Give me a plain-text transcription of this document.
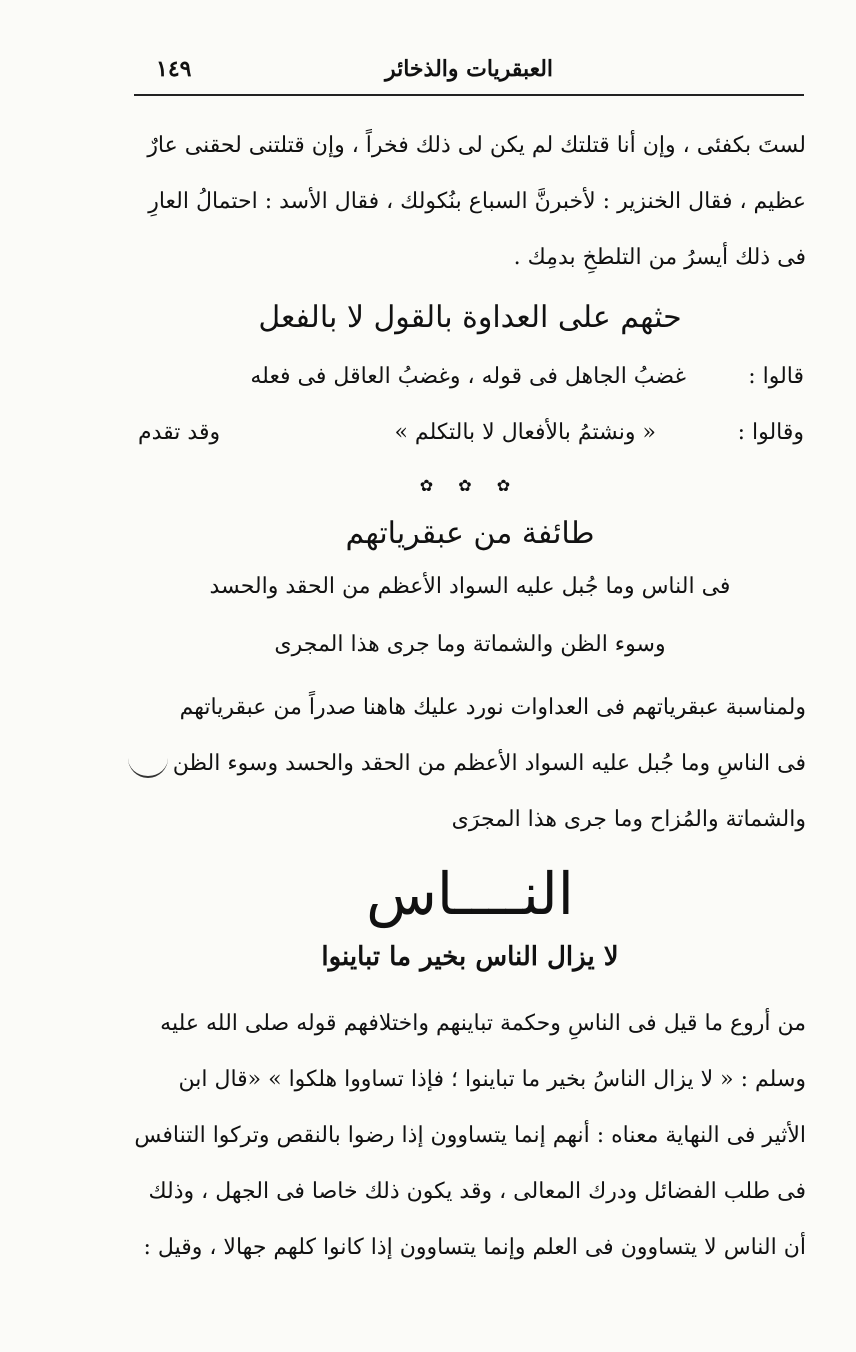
العبقريات والذخائر
١٤٩
لستَ بكفئى ، وإن أنا قتلتك لم يكن لى ذلك فخراً ، وإن قتلتنى لحقنى عارٌ
عظيم ، فقال الخنزير : لأخبرنَّ السباع بنُكولك ، فقال الأسد : احتمالُ العارِ
فى ذلك أيسرُ من التلطخِ بدمِك .
حثهم على العداوة بالقول لا بالفعل
قالوا :
غضبُ الجاهل فى قوله ، وغضبُ العاقل فى فعله
وقالوا :
« ونشتمُ بالأفعال لا بالتكلم »
وقد تقدم
✿ ✿ ✿
طائفة من عبقرياتهم
فى الناس وما جُبل عليه السواد الأعظم من الحقد والحسد
وسوء الظن والشماتة وما جرى هذا المجرى
ولمناسبة عبقرياتهم فى العداوات نورد عليك هاهنا صدراً من عبقرياتهم
فى الناسِ وما جُبل عليه السواد الأعظم من الحقد والحسد وسوء الظن
والشماتة والمُزاح وما جرى هذا المجرَى
النــــاس
لا يزال الناس بخير ما تباينوا
من أروع ما قيل فى الناسِ وحكمة تباينهم واختلافهم قوله صلى الله عليه
وسلم : « لا يزال الناسُ بخير ما تباينوا ؛ فإذا تساووا هلكوا » «قال ابن
الأثير فى النهاية معناه : أنهم إنما يتساوون إذا رضوا بالنقص وتركوا التنافس
فى طلب الفضائل ودرك المعالى ، وقد يكون ذلك خاصا فى الجهل ، وذلك
أن الناس لا يتساوون فى العلم وإنما يتساوون إذا كانوا كلهم جهالا ، وقيل :
